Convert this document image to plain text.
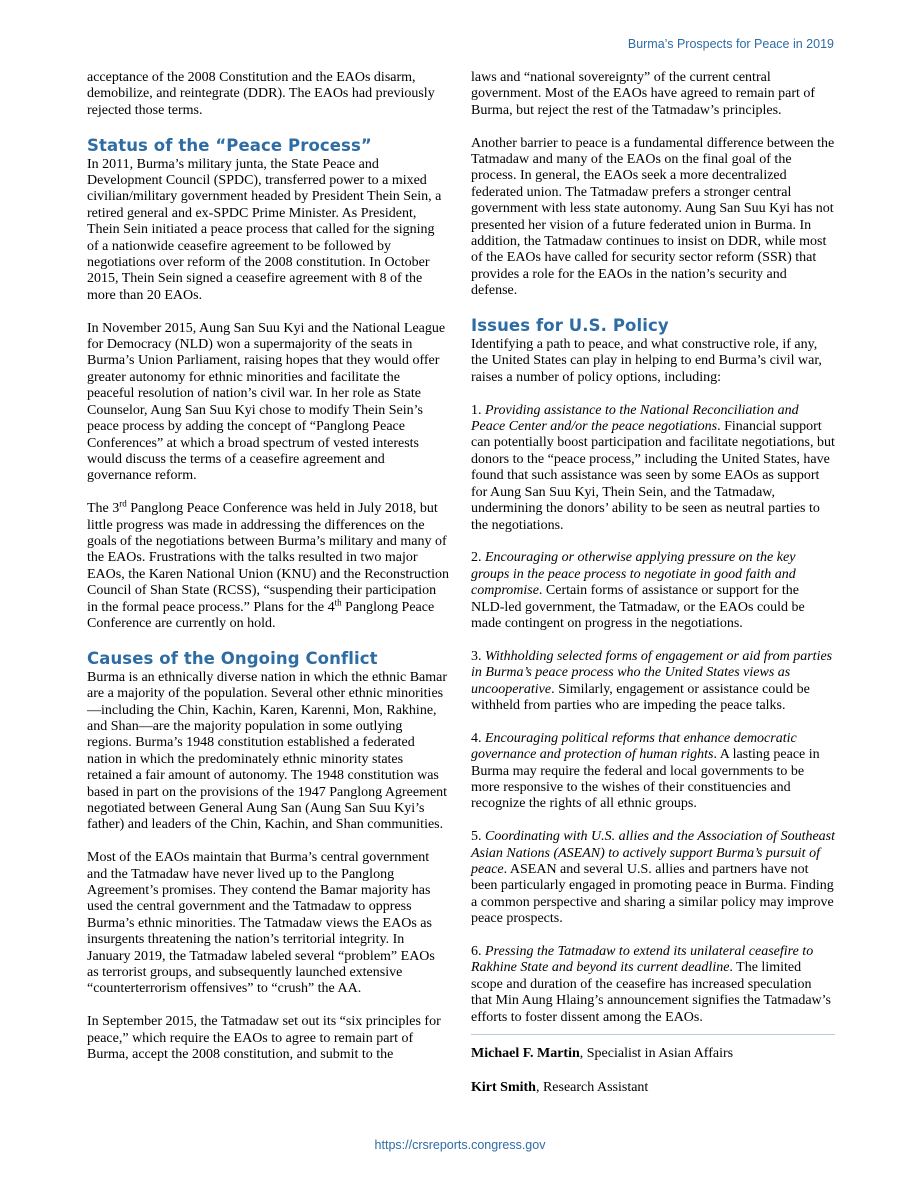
Burma’s Prospects for Peace in 2019

acceptance of the 2008 Constitution and the EAOs disarm, demobilize, and reintegrate (DDR). The EAOs had previously rejected those terms.

Status of the “Peace Process”

In 2011, Burma’s military junta, the State Peace and Development Council (SPDC), transferred power to a mixed civilian/military government headed by President Thein Sein, a retired general and ex-SPDC Prime Minister. As President, Thein Sein initiated a peace process that called for the signing of a nationwide ceasefire agreement to be followed by negotiations over reform of the 2008 constitution. In October 2015, Thein Sein signed a ceasefire agreement with 8 of the more than 20 EAOs.

In November 2015, Aung San Suu Kyi and the National League for Democracy (NLD) won a supermajority of the seats in Burma’s Union Parliament, raising hopes that they would offer greater autonomy for ethnic minorities and facilitate the peaceful resolution of nation’s civil war. In her role as State Counselor, Aung San Suu Kyi chose to modify Thein Sein’s peace process by adding the concept of “Panglong Peace Conferences” at which a broad spectrum of vested interests would discuss the terms of a ceasefire agreement and governance reform.

The 3rd Panglong Peace Conference was held in July 2018, but little progress was made in addressing the differences on the goals of the negotiations between Burma’s military and many of the EAOs. Frustrations with the talks resulted in two major EAOs, the Karen National Union (KNU) and the Reconstruction Council of Shan State (RCSS), “suspending their participation in the formal peace process.” Plans for the 4th Panglong Peace Conference are currently on hold.

Causes of the Ongoing Conflict

Burma is an ethnically diverse nation in which the ethnic Bamar are a majority of the population. Several other ethnic minorities—including the Chin, Kachin, Karen, Karenni, Mon, Rakhine, and Shan—are the majority population in some outlying regions. Burma’s 1948 constitution established a federated nation in which the predominately ethnic minority states retained a fair amount of autonomy. The 1948 constitution was based in part on the provisions of the 1947 Panglong Agreement negotiated between General Aung San (Aung San Suu Kyi’s father) and leaders of the Chin, Kachin, and Shan communities.

Most of the EAOs maintain that Burma’s central government and the Tatmadaw have never lived up to the Panglong Agreement’s promises. They contend the Bamar majority has used the central government and the Tatmadaw to oppress Burma’s ethnic minorities. The Tatmadaw views the EAOs as insurgents threatening the nation’s territorial integrity. In January 2019, the Tatmadaw labeled several “problem” EAOs as terrorist groups, and subsequently launched extensive “counterterrorism offensives” to “crush” the AA.

In September 2015, the Tatmadaw set out its “six principles for peace,” which require the EAOs to agree to remain part of Burma, accept the 2008 constitution, and submit to the

laws and “national sovereignty” of the current central government. Most of the EAOs have agreed to remain part of Burma, but reject the rest of the Tatmadaw’s principles.

Another barrier to peace is a fundamental difference between the Tatmadaw and many of the EAOs on the final goal of the process. In general, the EAOs seek a more decentralized federated union. The Tatmadaw prefers a stronger central government with less state autonomy. Aung San Suu Kyi has not presented her vision of a future federated union in Burma. In addition, the Tatmadaw continues to insist on DDR, while most of the EAOs have called for security sector reform (SSR) that provides a role for the EAOs in the nation’s security and defense.

Issues for U.S. Policy

Identifying a path to peace, and what constructive role, if any, the United States can play in helping to end Burma’s civil war, raises a number of policy options, including:

1. Providing assistance to the National Reconciliation and Peace Center and/or the peace negotiations. Financial support can potentially boost participation and facilitate negotiations, but donors to the “peace process,” including the United States, have found that such assistance was seen by some EAOs as support for Aung San Suu Kyi, Thein Sein, and the Tatmadaw, undermining the donors’ ability to be seen as neutral parties to the negotiations.

2. Encouraging or otherwise applying pressure on the key groups in the peace process to negotiate in good faith and compromise. Certain forms of assistance or support for the NLD-led government, the Tatmadaw, or the EAOs could be made contingent on progress in the negotiations.

3. Withholding selected forms of engagement or aid from parties in Burma’s peace process who the United States views as uncooperative. Similarly, engagement or assistance could be withheld from parties who are impeding the peace talks.

4. Encouraging political reforms that enhance democratic governance and protection of human rights. A lasting peace in Burma may require the federal and local governments to be more responsive to the wishes of their constituencies and recognize the rights of all ethnic groups.

5. Coordinating with U.S. allies and the Association of Southeast Asian Nations (ASEAN) to actively support Burma’s pursuit of peace. ASEAN and several U.S. allies and partners have not been particularly engaged in promoting peace in Burma. Finding a common perspective and sharing a similar policy may improve peace prospects.

6. Pressing the Tatmadaw to extend its unilateral ceasefire to Rakhine State and beyond its current deadline. The limited scope and duration of the ceasefire has increased speculation that Min Aung Hlaing’s announcement signifies the Tatmadaw’s efforts to foster dissent among the EAOs.

Michael F. Martin, Specialist in Asian Affairs

Kirt Smith, Research Assistant

https://crsreports.congress.gov
